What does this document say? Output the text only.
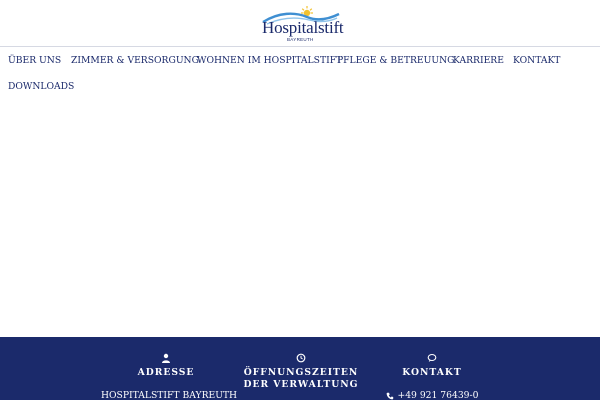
Hospitalstift
BAYREUTH
ÜBER UNS ZIMMER & VERSORGUNG
WOHNEN IM HOSPITALSTIFT
PFLEGE & BETREUUNG
KARRIERE KONTAKT
DOWNLOADS
ADRESSE
HOSPITALSTIFT BAYREUTH
ÖFFNUNGSZEITEN
DER VERWALTUNG
KONTAKT
+49 921 76439-0
